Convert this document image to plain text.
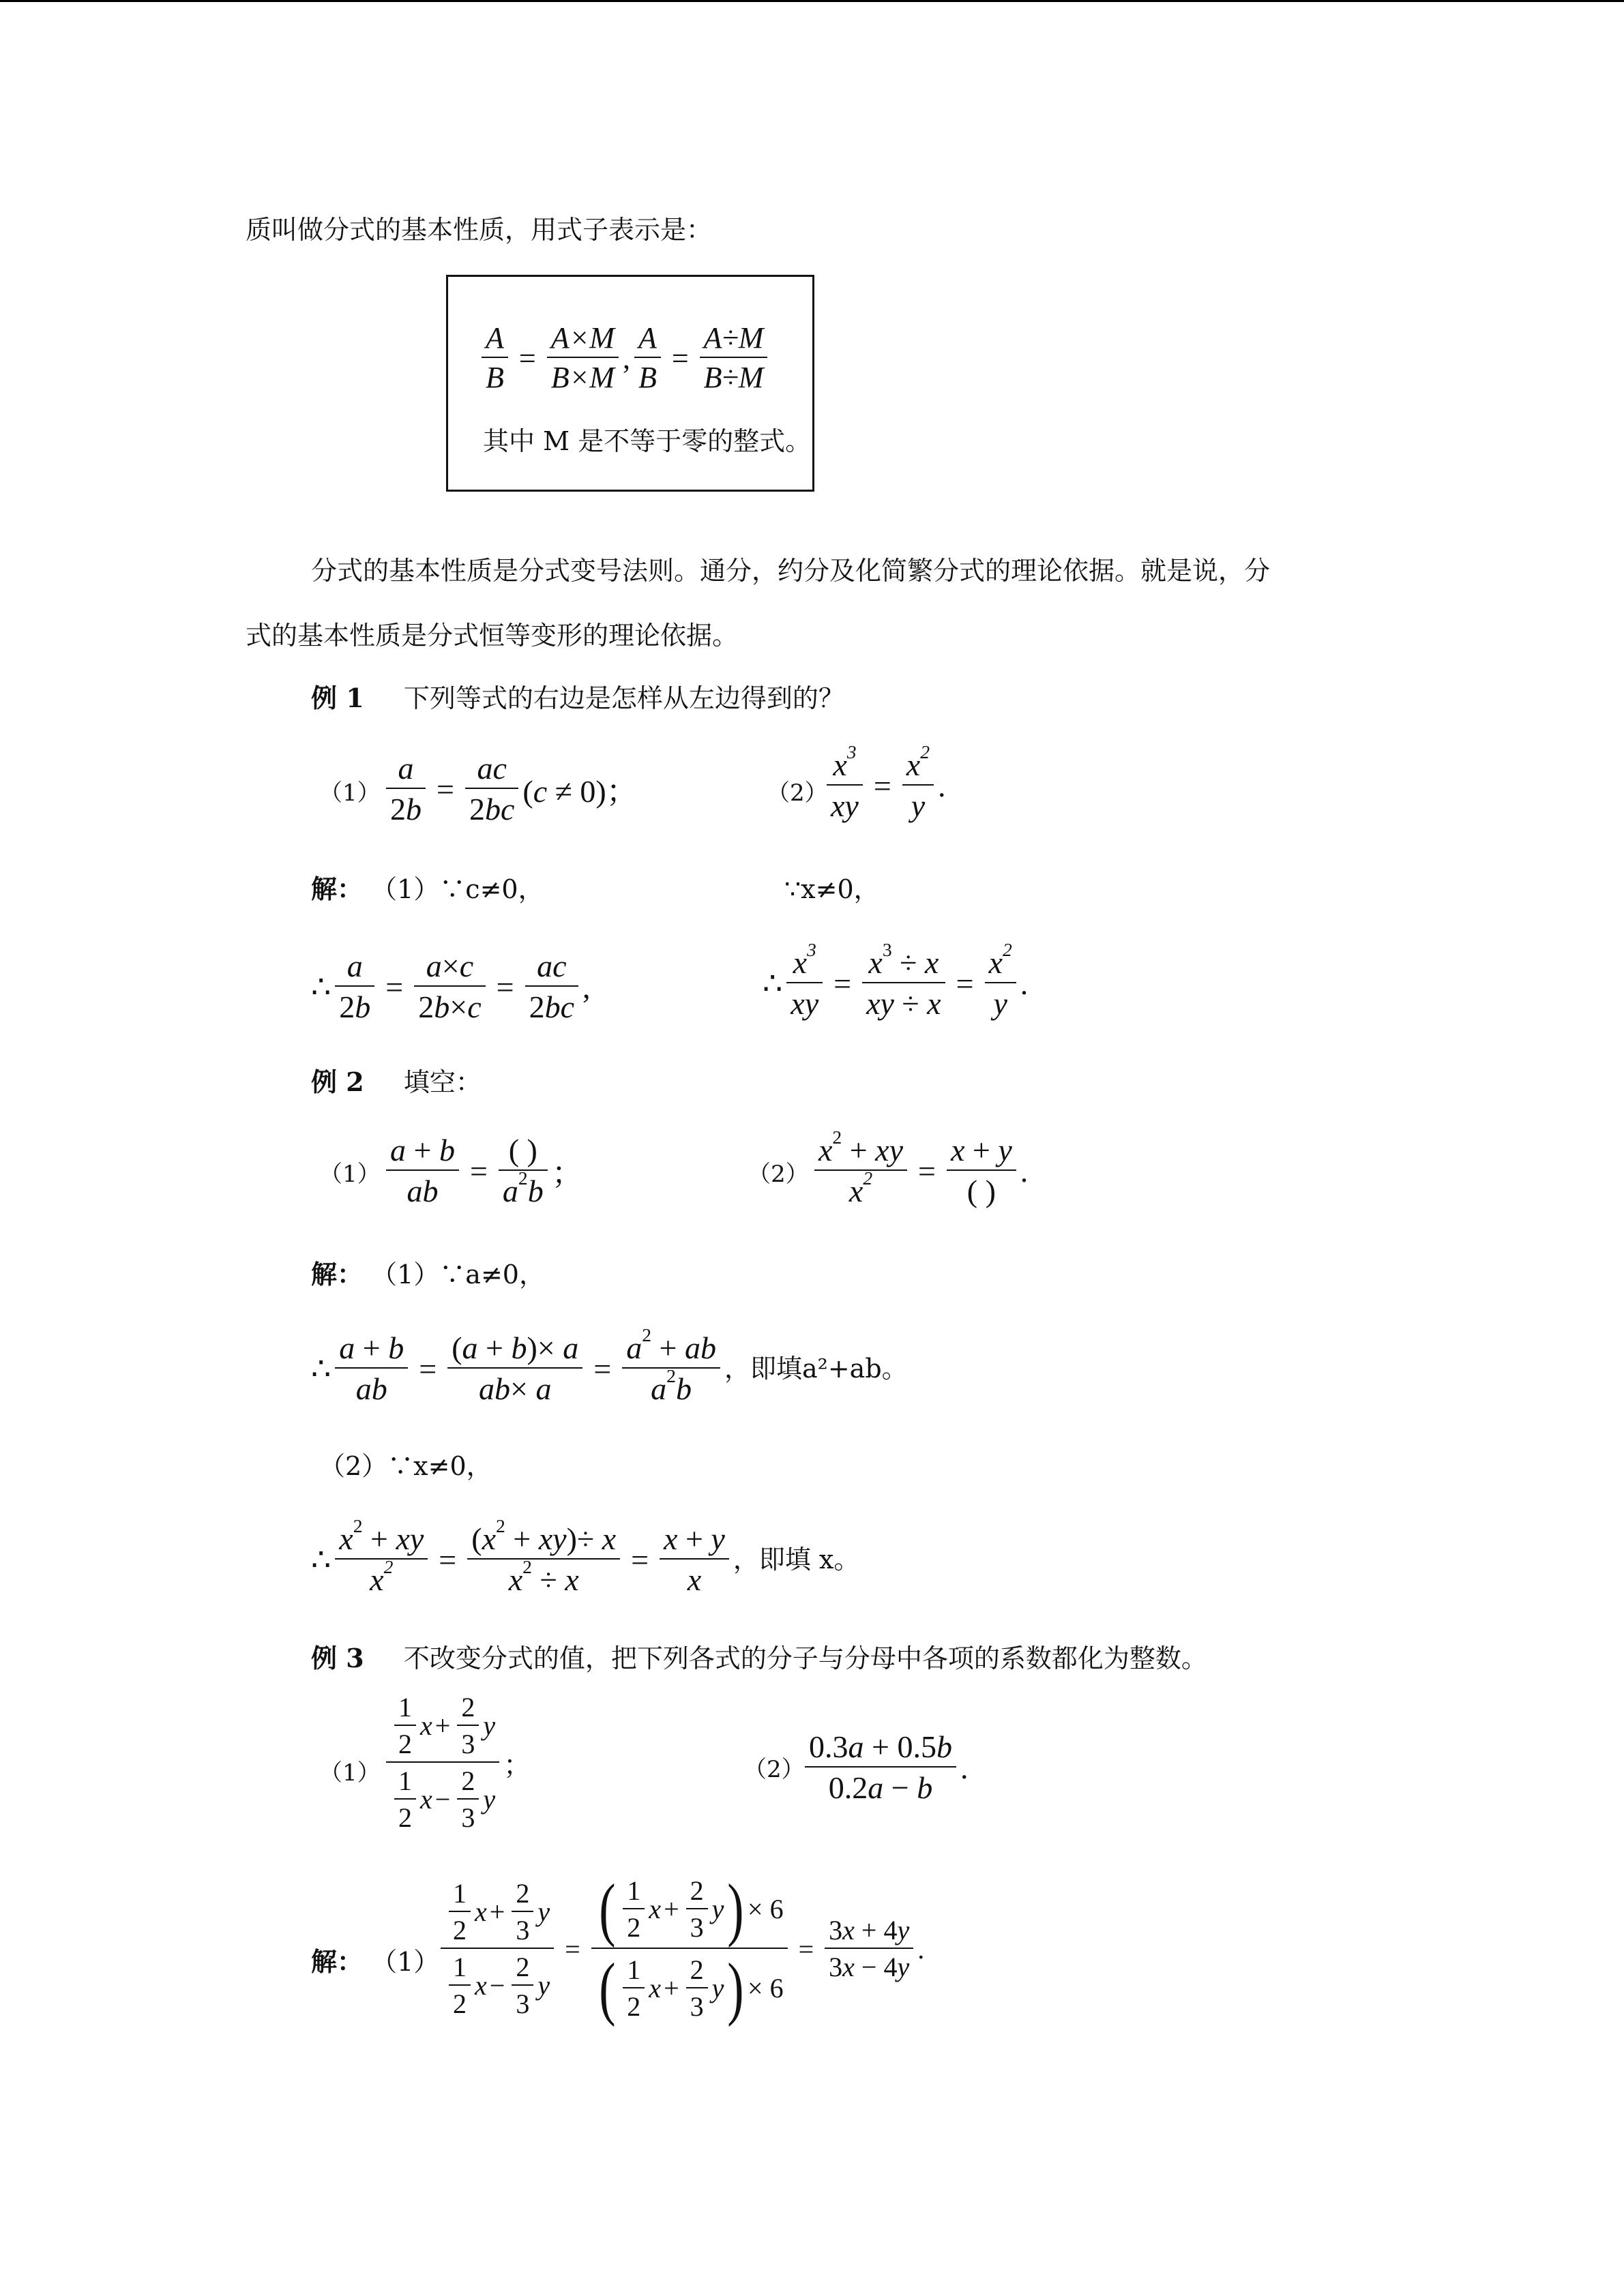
质叫做分式的基本性质，用式子表示是：
$\frac{A}{B} = \frac{A\times M}{B\times M}$ , $\frac{A}{B} = \frac{A\div M}{B\div M}$
其中 M 是不等于零的整式。
分式的基本性质是分式变号法则。通分，约分及化简繁分式的理论依据。就是说，分
式的基本性质是分式恒等变形的理论依据。
例 1 下列等式的右边是怎样从左边得到的？
$(1) \frac{a}{2b} = \frac{ac}{2bc} (c \ne 0)$；	（2）
$\frac{x^3}{xy} = \frac{x^2}{y}$ .
解： （1）∵c≠0，	∵x≠0，
∴ $\frac{a}{2b} = \frac{a\times c}{2b\times c} = \frac{ac}{2bc}$ ,	∴ $\frac{x^3}{xy} = \frac{x^3 \div x}{xy \div x} = \frac{x^2}{y}$ .
例 2 填空：
$(1) \frac{a + b}{ab} = \frac{( )}{a^2b}$ ；	$(2) \frac{x^2 + xy}{x^2} = \frac{x + y}{( )}$ .
解： （1）∵a≠0，
∴ $\frac{a + b}{ab} = \frac{(a + b)\times a}{ab\times a} = \frac{a^2 + ab}{a^2b}$ ，即填 a²+ab。
（2）∵x≠0，
∴ $\frac{x^2 + xy}{x^2} = \frac{(x^2 + xy)\div x}{x^2 \div x} = \frac{x + y}{x}$ ，即填 x。
例 3 不改变分式的值，把下列各式的分子与分母中各项的系数都化为整数。
$(1) \frac{\frac{1}{2} x + \frac{2}{3} y}{\frac{1}{2} x - \frac{2}{3} y}$ ；	$(2) \frac{0.3a + 0.5b}{0.2a - b}$ .
解： $(1) \frac{\frac{1}{2} x + \frac{2}{3} y}{\frac{1}{2} x - \frac{2}{3} y} = \frac{( \frac{1}{2} x + \frac{2}{3} y ) \times 6}{( \frac{1}{2} x + \frac{2}{3} y ) \times 6} = \frac{3x + 4y}{3x - 4y}$ .
